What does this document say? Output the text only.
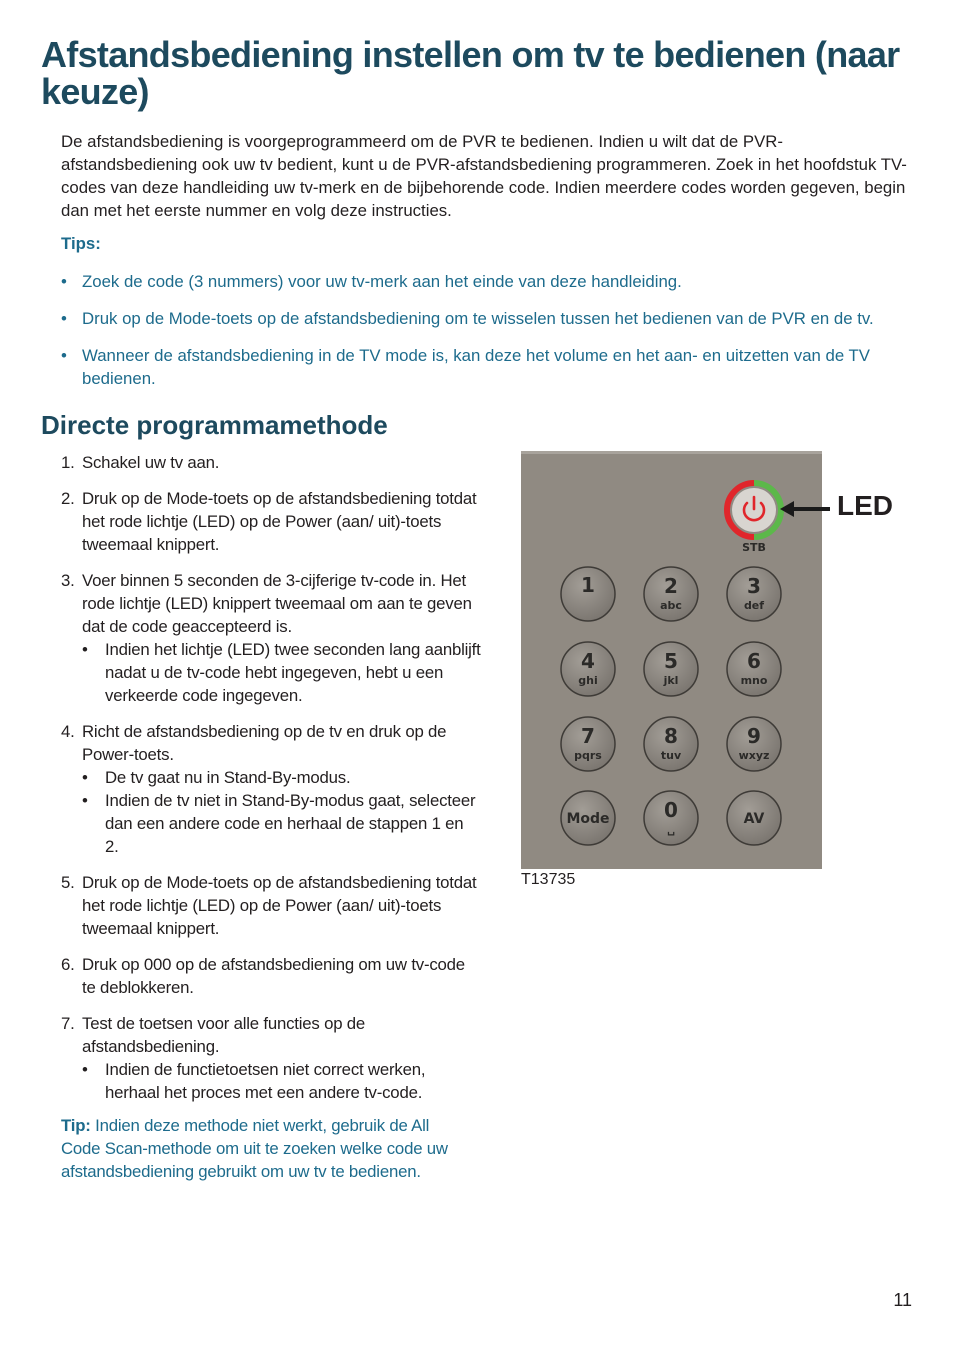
Afstandsbediening instellen om tv te bedienen (naar keuze)

De afstandsbediening is voorgeprogrammeerd om de PVR te bedienen. Indien u wilt dat de PVR-afstandsbediening ook uw tv bedient, kunt u de PVR-afstandsbediening programmeren. Zoek in het hoofdstuk TV-codes van deze handleiding uw tv-merk en de bijbehorende code. Indien meerdere codes worden gegeven, begin dan met het eerste nummer en volg deze instructies.

Tips:

• Zoek de code (3 nummers) voor uw tv-merk aan het einde van deze handleiding.
• Druk op de Mode-toets op de afstandsbediening om te wisselen tussen het bedienen van de PVR en de tv.
• Wanneer de afstandsbediening in de TV mode is, kan deze het volume en het aan- en uitzetten van de TV bedienen.
Directe programmamethode
1. Schakel uw tv aan.
2. Druk op de Mode-toets op de afstandsbediening totdat het rode lichtje (LED) op de Power (aan/ uit)-toets tweemaal knippert.
3. Voer binnen 5 seconden de 3-cijferige tv-code in. Het rode lichtje (LED) knippert tweemaal om aan te geven dat de code geaccepteerd is.
• Indien het lichtje (LED) twee seconden lang aanblijft nadat u de tv-code hebt ingegeven, hebt u een verkeerde code ingegeven.
4. Richt de afstandsbediening op de tv en druk op de Power-toets.
• De tv gaat nu in Stand-By-modus.
• Indien de tv niet in Stand-By-modus gaat, selecteer dan een andere code en herhaal de stappen 1 en 2.
5. Druk op de Mode-toets op de afstandsbediening totdat het rode lichtje (LED) op de Power (aan/ uit)-toets tweemaal knippert.
6. Druk op 000 op de afstandsbediening om uw tv-code te deblokkeren.
7. Test de toetsen voor alle functies op de afstandsbediening.
• Indien de functietoetsen niet correct werken, herhaal het proces met een andere tv-code.

Tip: Indien deze methode niet werkt, gebruik de All Code Scan-methode om uit te zoeken welke code uw afstandsbediening gebruikt om uw tv te bedienen.

STB
1	2
abc
3
def
4
ghi
5
jkl
6
mno
7
pqrs
8
tuv
9
wxyz
Mode	0
␣
AV
LED
T13735
11
